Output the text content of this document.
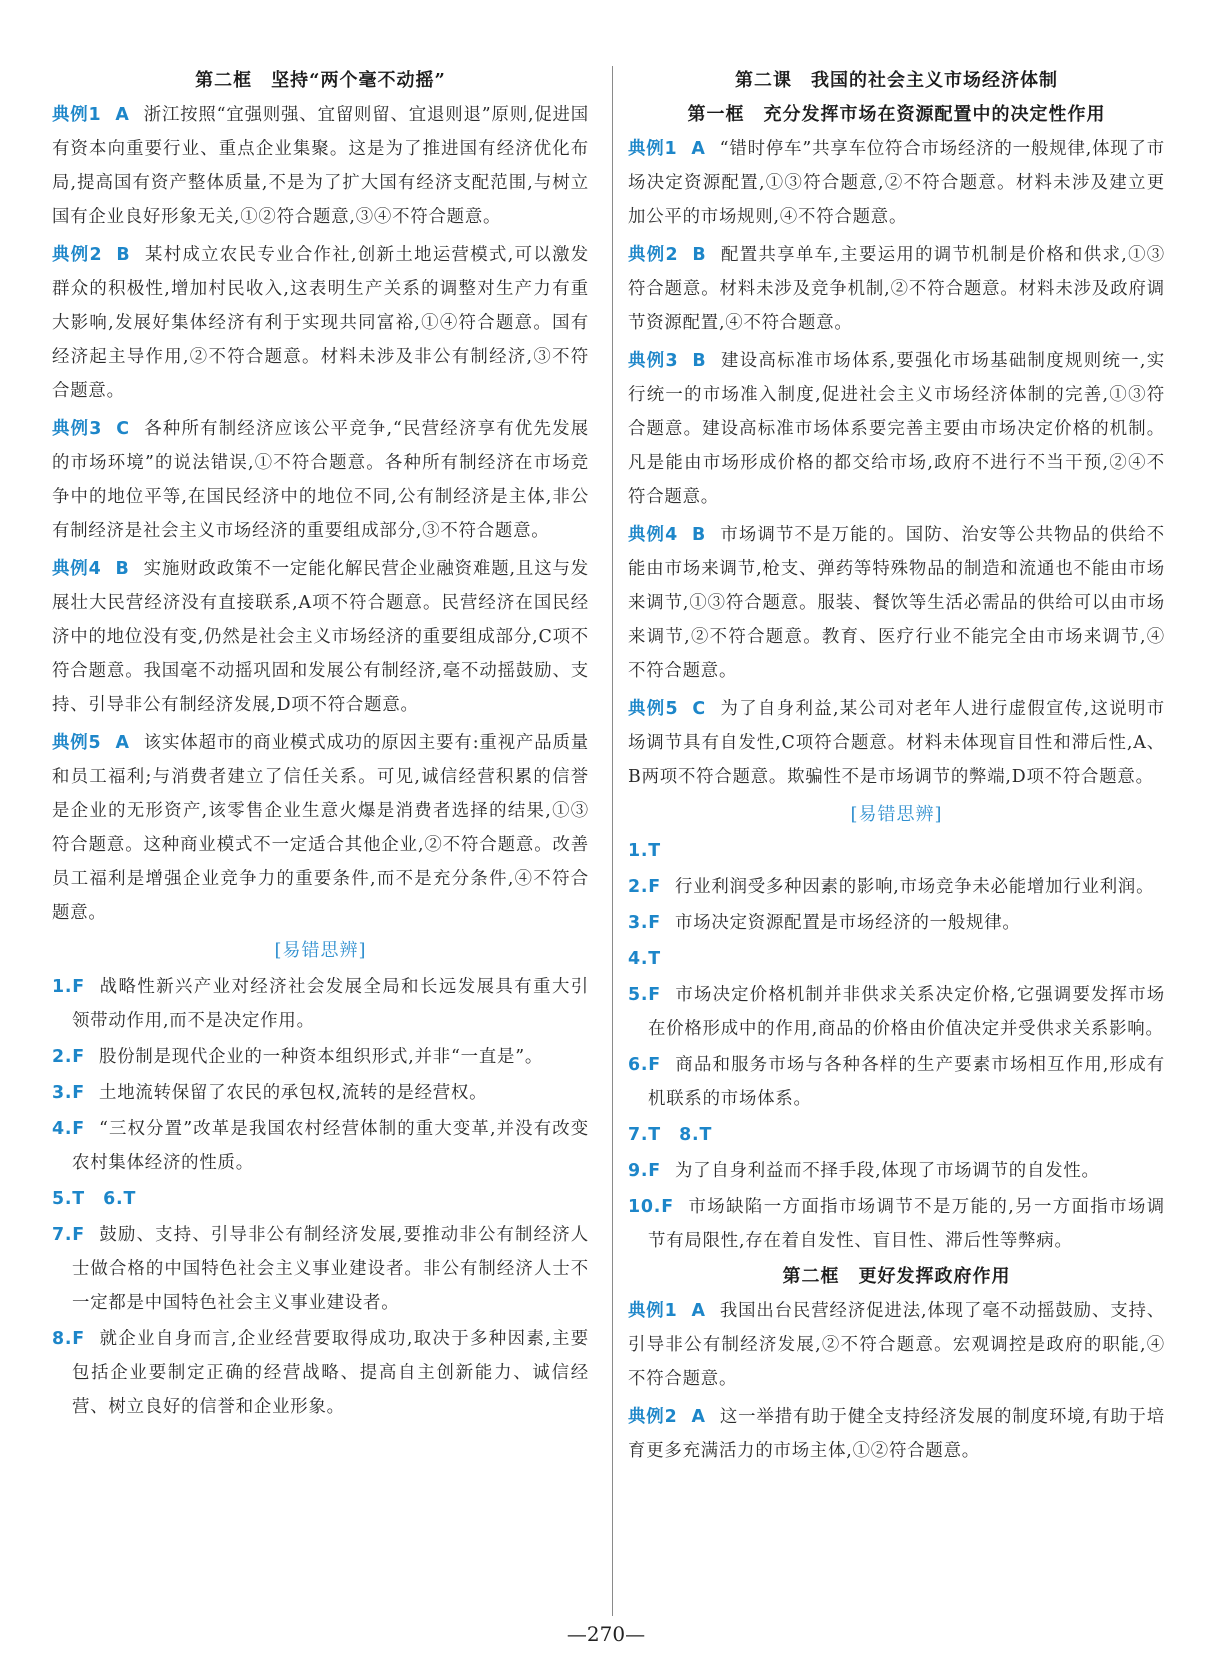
第二框　坚持“两个毫不动摇”

典例1 A 浙江按照“宜强则强、宜留则留、宜退则退”原则,促进国有资本向重要行业、重点企业集聚。这是为了推进国有经济优化布局,提高国有资产整体质量,不是为了扩大国有经济支配范围,与树立国有企业良好形象无关,①②符合题意,③④不符合题意。

典例2 B 某村成立农民专业合作社,创新土地运营模式,可以激发群众的积极性,增加村民收入,这表明生产关系的调整对生产力有重大影响,发展好集体经济有利于实现共同富裕,①④符合题意。国有经济起主导作用,②不符合题意。材料未涉及非公有制经济,③不符合题意。

典例3 C 各种所有制经济应该公平竞争,“民营经济享有优先发展的市场环境”的说法错误,①不符合题意。各种所有制经济在市场竞争中的地位平等,在国民经济中的地位不同,公有制经济是主体,非公有制经济是社会主义市场经济的重要组成部分,③不符合题意。

典例4 B 实施财政政策不一定能化解民营企业融资难题,且这与发展壮大民营经济没有直接联系,A项不符合题意。民营经济在国民经济中的地位没有变,仍然是社会主义市场经济的重要组成部分,C项不符合题意。我国毫不动摇巩固和发展公有制经济,毫不动摇鼓励、支持、引导非公有制经济发展,D项不符合题意。

典例5 A 该实体超市的商业模式成功的原因主要有:重视产品质量和员工福利;与消费者建立了信任关系。可见,诚信经营积累的信誉是企业的无形资产,该零售企业生意火爆是消费者选择的结果,①③符合题意。这种商业模式不一定适合其他企业,②不符合题意。改善员工福利是增强企业竞争力的重要条件,而不是充分条件,④不符合题意。

[易错思辨]

1.F 战略性新兴产业对经济社会发展全局和长远发展具有重大引领带动作用,而不是决定作用。

2.F 股份制是现代企业的一种资本组织形式,并非“一直是”。

3.F 土地流转保留了农民的承包权,流转的是经营权。

4.F “三权分置”改革是我国农村经营体制的重大变革,并没有改变农村集体经济的性质。

5.T　6.T

7.F 鼓励、支持、引导非公有制经济发展,要推动非公有制经济人士做合格的中国特色社会主义事业建设者。非公有制经济人士不一定都是中国特色社会主义事业建设者。

8.F 就企业自身而言,企业经营要取得成功,取决于多种因素,主要包括企业要制定正确的经营战略、提高自主创新能力、诚信经营、树立良好的信誉和企业形象。

第二课　我国的社会主义市场经济体制
第一框　充分发挥市场在资源配置中的决定性作用

典例1 A “错时停车”共享车位符合市场经济的一般规律,体现了市场决定资源配置,①③符合题意,②不符合题意。材料未涉及建立更加公平的市场规则,④不符合题意。

典例2 B 配置共享单车,主要运用的调节机制是价格和供求,①③符合题意。材料未涉及竞争机制,②不符合题意。材料未涉及政府调节资源配置,④不符合题意。

典例3 B 建设高标准市场体系,要强化市场基础制度规则统一,实行统一的市场准入制度,促进社会主义市场经济体制的完善,①③符合题意。建设高标准市场体系要完善主要由市场决定价格的机制。凡是能由市场形成价格的都交给市场,政府不进行不当干预,②④不符合题意。

典例4 B 市场调节不是万能的。国防、治安等公共物品的供给不能由市场来调节,枪支、弹药等特殊物品的制造和流通也不能由市场来调节,①③符合题意。服装、餐饮等生活必需品的供给可以由市场来调节,②不符合题意。教育、医疗行业不能完全由市场来调节,④不符合题意。

典例5 C 为了自身利益,某公司对老年人进行虚假宣传,这说明市场调节具有自发性,C项符合题意。材料未体现盲目性和滞后性,A、B两项不符合题意。欺骗性不是市场调节的弊端,D项不符合题意。

[易错思辨]

1.T

2.F 行业利润受多种因素的影响,市场竞争未必能增加行业利润。

3.F 市场决定资源配置是市场经济的一般规律。

4.T

5.F 市场决定价格机制并非供求关系决定价格,它强调要发挥市场在价格形成中的作用,商品的价格由价值决定并受供求关系影响。

6.F 商品和服务市场与各种各样的生产要素市场相互作用,形成有机联系的市场体系。

7.T　8.T

9.F 为了自身利益而不择手段,体现了市场调节的自发性。

10.F 市场缺陷一方面指市场调节不是万能的,另一方面指市场调节有局限性,存在着自发性、盲目性、滞后性等弊病。

第二框　更好发挥政府作用

典例1 A 我国出台民营经济促进法,体现了毫不动摇鼓励、支持、引导非公有制经济发展,②不符合题意。宏观调控是政府的职能,④不符合题意。

典例2 A 这一举措有助于健全支持经济发展的制度环境,有助于培育更多充满活力的市场主体,①②符合题意。

—270—
